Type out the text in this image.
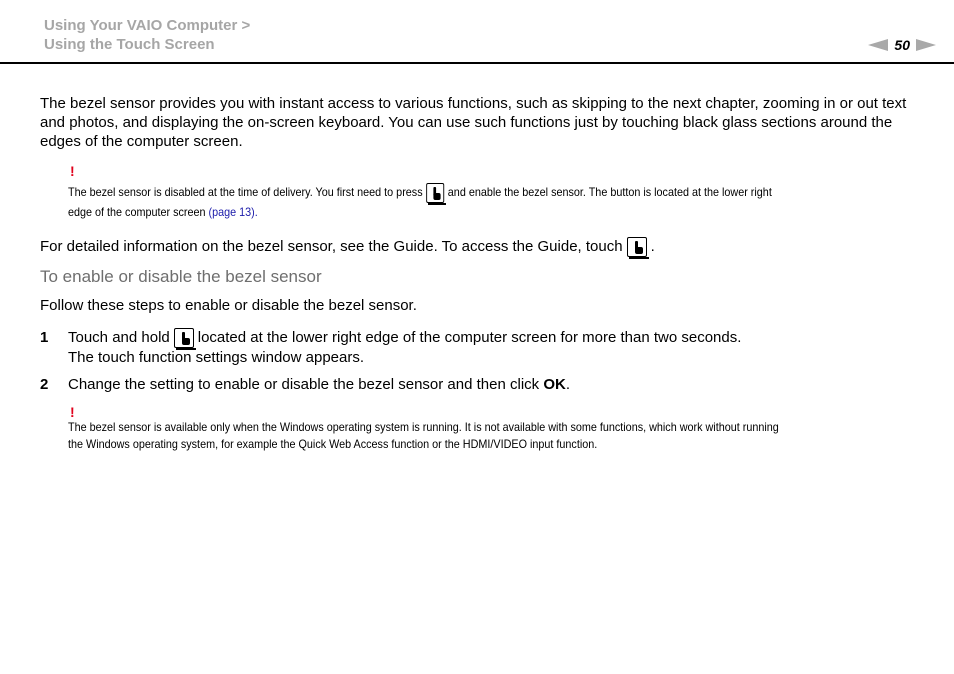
Using Your VAIO Computer >
Using the Touch Screen	50
The bezel sensor provides you with instant access to various functions, such as skipping to the next chapter, zooming in or out text and photos, and displaying the on-screen keyboard. You can use such functions just by touching black glass sections around the edges of the computer screen.
!
The bezel sensor is disabled at the time of delivery. You first need to press and enable the bezel sensor. The button is located at the lower right
edge of the computer screen (page 13).
For detailed information on the bezel sensor, see the Guide. To access the Guide, touch .
To enable or disable the bezel sensor
Follow these steps to enable or disable the bezel sensor.
1 Touch and hold located at the lower right edge of the computer screen for more than two seconds.
The touch function settings window appears.
2 Change the setting to enable or disable the bezel sensor and then click OK.
!
The bezel sensor is available only when the Windows operating system is running. It is not available with some functions, which work without running
the Windows operating system, for example the Quick Web Access function or the HDMI/VIDEO input function.
